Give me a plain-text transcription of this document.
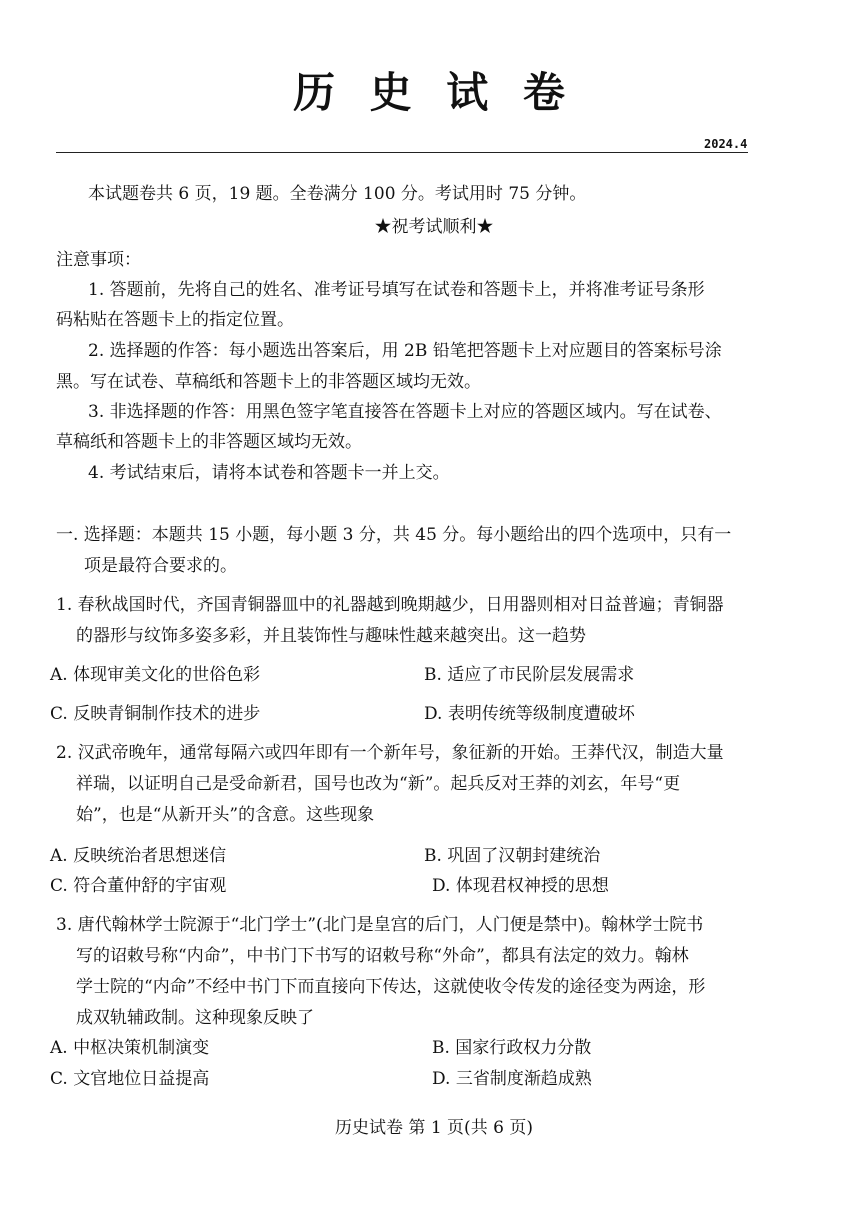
历 史 试 卷
2024.4
本试题卷共 6 页，19 题。全卷满分 100 分。考试用时 75 分钟。
★祝考试顺利★
注意事项：
1. 答题前，先将自己的姓名、准考证号填写在试卷和答题卡上，并将准考证号条形
码粘贴在答题卡上的指定位置。
2. 选择题的作答：每小题选出答案后，用 2B 铅笔把答题卡上对应题目的答案标号涂
黑。写在试卷、草稿纸和答题卡上的非答题区域均无效。
3. 非选择题的作答：用黑色签字笔直接答在答题卡上对应的答题区域内。写在试卷、
草稿纸和答题卡上的非答题区域均无效。
4. 考试结束后，请将本试卷和答题卡一并上交。
一. 选择题：本题共 15 小题，每小题 3 分，共 45 分。每小题给出的四个选项中，只有一
项是最符合要求的。
1. 春秋战国时代，齐国青铜器皿中的礼器越到晚期越少，日用器则相对日益普遍；青铜器
的器形与纹饰多姿多彩，并且装饰性与趣味性越来越突出。这一趋势
A. 体现审美文化的世俗色彩	B. 适应了市民阶层发展需求
C. 反映青铜制作技术的进步	D. 表明传统等级制度遭破坏
2. 汉武帝晚年，通常每隔六或四年即有一个新年号，象征新的开始。王莽代汉，制造大量
祥瑞，以证明自己是受命新君，国号也改为“新”。起兵反对王莽的刘玄，年号“更
始”，也是“从新开头”的含意。这些现象
A. 反映统治者思想迷信	B. 巩固了汉朝封建统治
C. 符合董仲舒的宇宙观	D. 体现君权神授的思想
3. 唐代翰林学士院源于“北门学士”(北门是皇宫的后门，人门便是禁中)。翰林学士院书
写的诏敕号称“内命”，中书门下书写的诏敕号称“外命”，都具有法定的效力。翰林
学士院的“内命”不经中书门下而直接向下传达，这就使收令传发的途径变为两途，形
成双轨辅政制。这种现象反映了
A. 中枢决策机制演变	B. 国家行政权力分散
C. 文官地位日益提高	D. 三省制度渐趋成熟
历史试卷 第 1 页(共 6 页)
